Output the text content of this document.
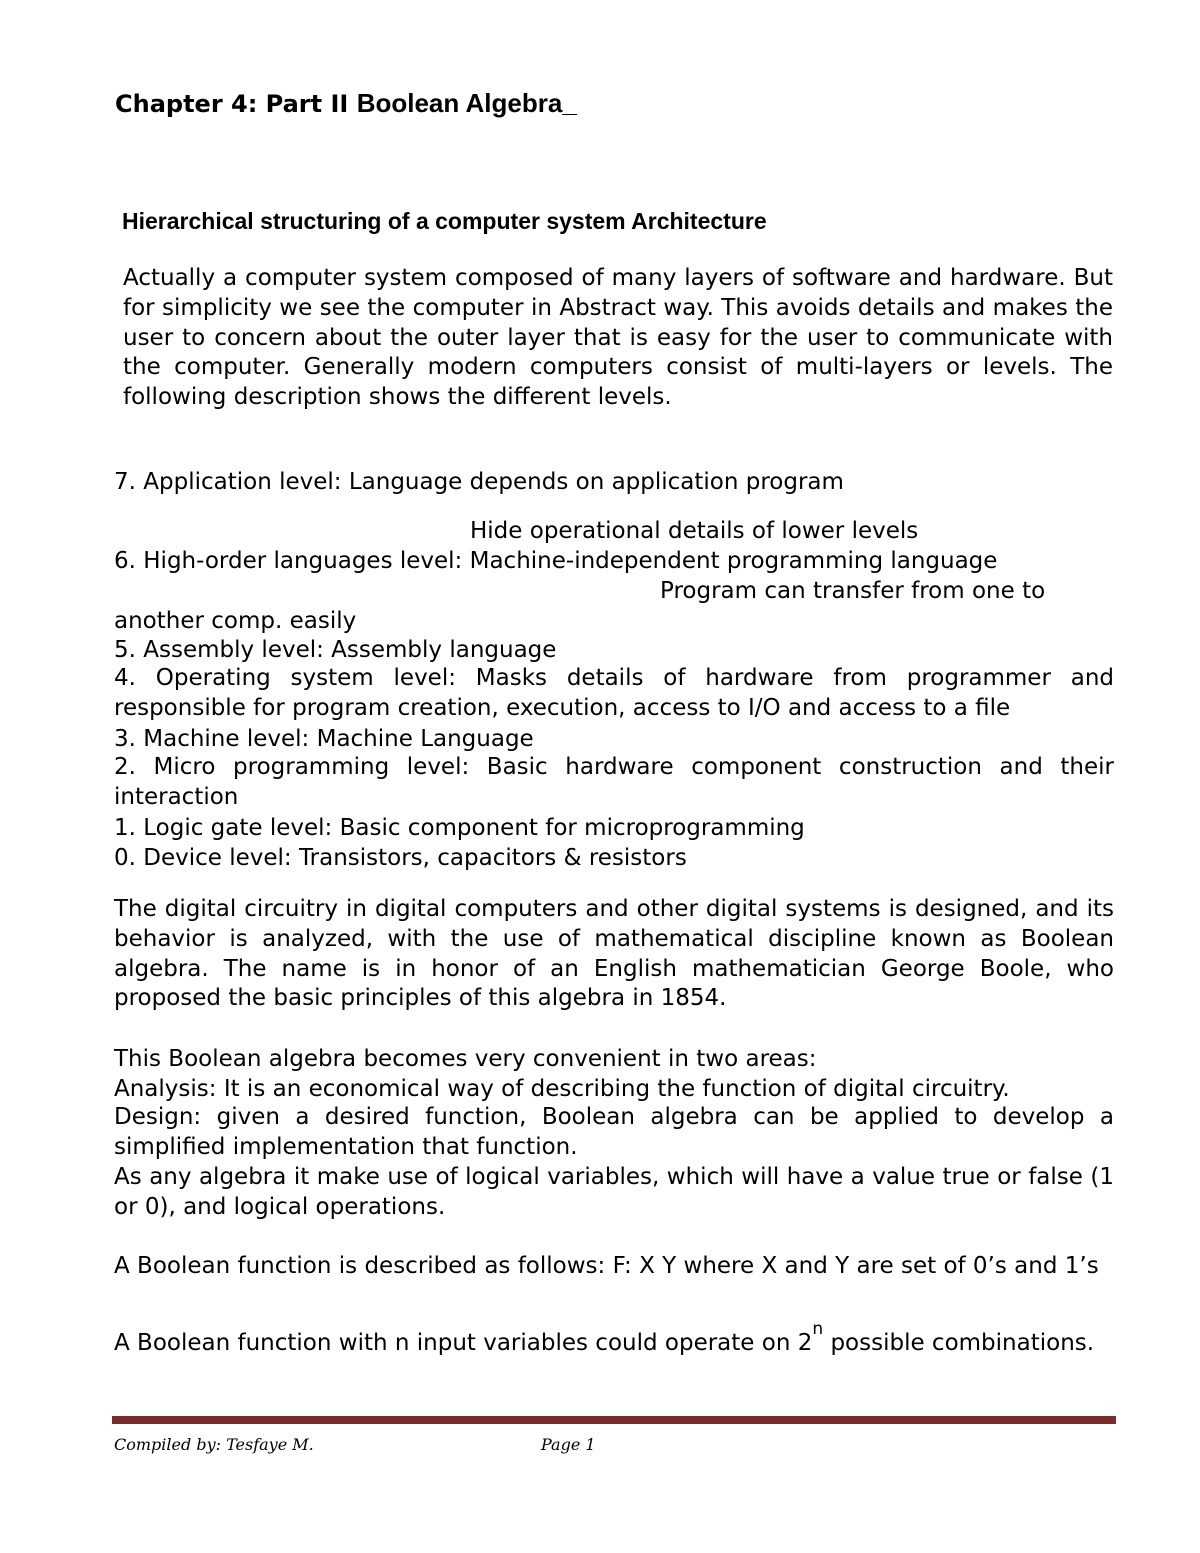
Chapter 4: Part II Boolean Algebra_
Hierarchical structuring of a computer system Architecture
Actually a computer system composed of many layers of software and hardware. But for simplicity we see the computer in Abstract way. This avoids details and makes the user to concern about the outer layer that is easy for the user to communicate with the computer. Generally modern computers consist of multi-layers or levels. The following description shows the different levels.
7. Application level: Language depends on application program
Hide operational details of lower levels
6. High-order languages level: Machine-independent programming language
Program can transfer from one to
another comp. easily
5. Assembly level: Assembly language
4. Operating system level: Masks details of hardware from programmer and responsible for program creation, execution, access to I/O and access to a file
3. Machine level: Machine Language
2. Micro programming level: Basic hardware component construction and their interaction
1. Logic gate level: Basic component for microprogramming
0. Device level: Transistors, capacitors & resistors
The digital circuitry in digital computers and other digital systems is designed, and its behavior is analyzed, with the use of mathematical discipline known as Boolean algebra. The name is in honor of an English mathematician George Boole, who proposed the basic principles of this algebra in 1854.
This Boolean algebra becomes very convenient in two areas:
Analysis: It is an economical way of describing the function of digital circuitry.
Design: given a desired function, Boolean algebra can be applied to develop a simplified implementation that function.
As any algebra it make use of logical variables, which will have a value true or false (1 or 0), and logical operations.
A Boolean function is described as follows: F: X Y where X and Y are set of 0’s and 1’s
A Boolean function with n input variables could operate on 2$^n$ possible combinations.
Compiled by: Tesfaye M.	Page 1
